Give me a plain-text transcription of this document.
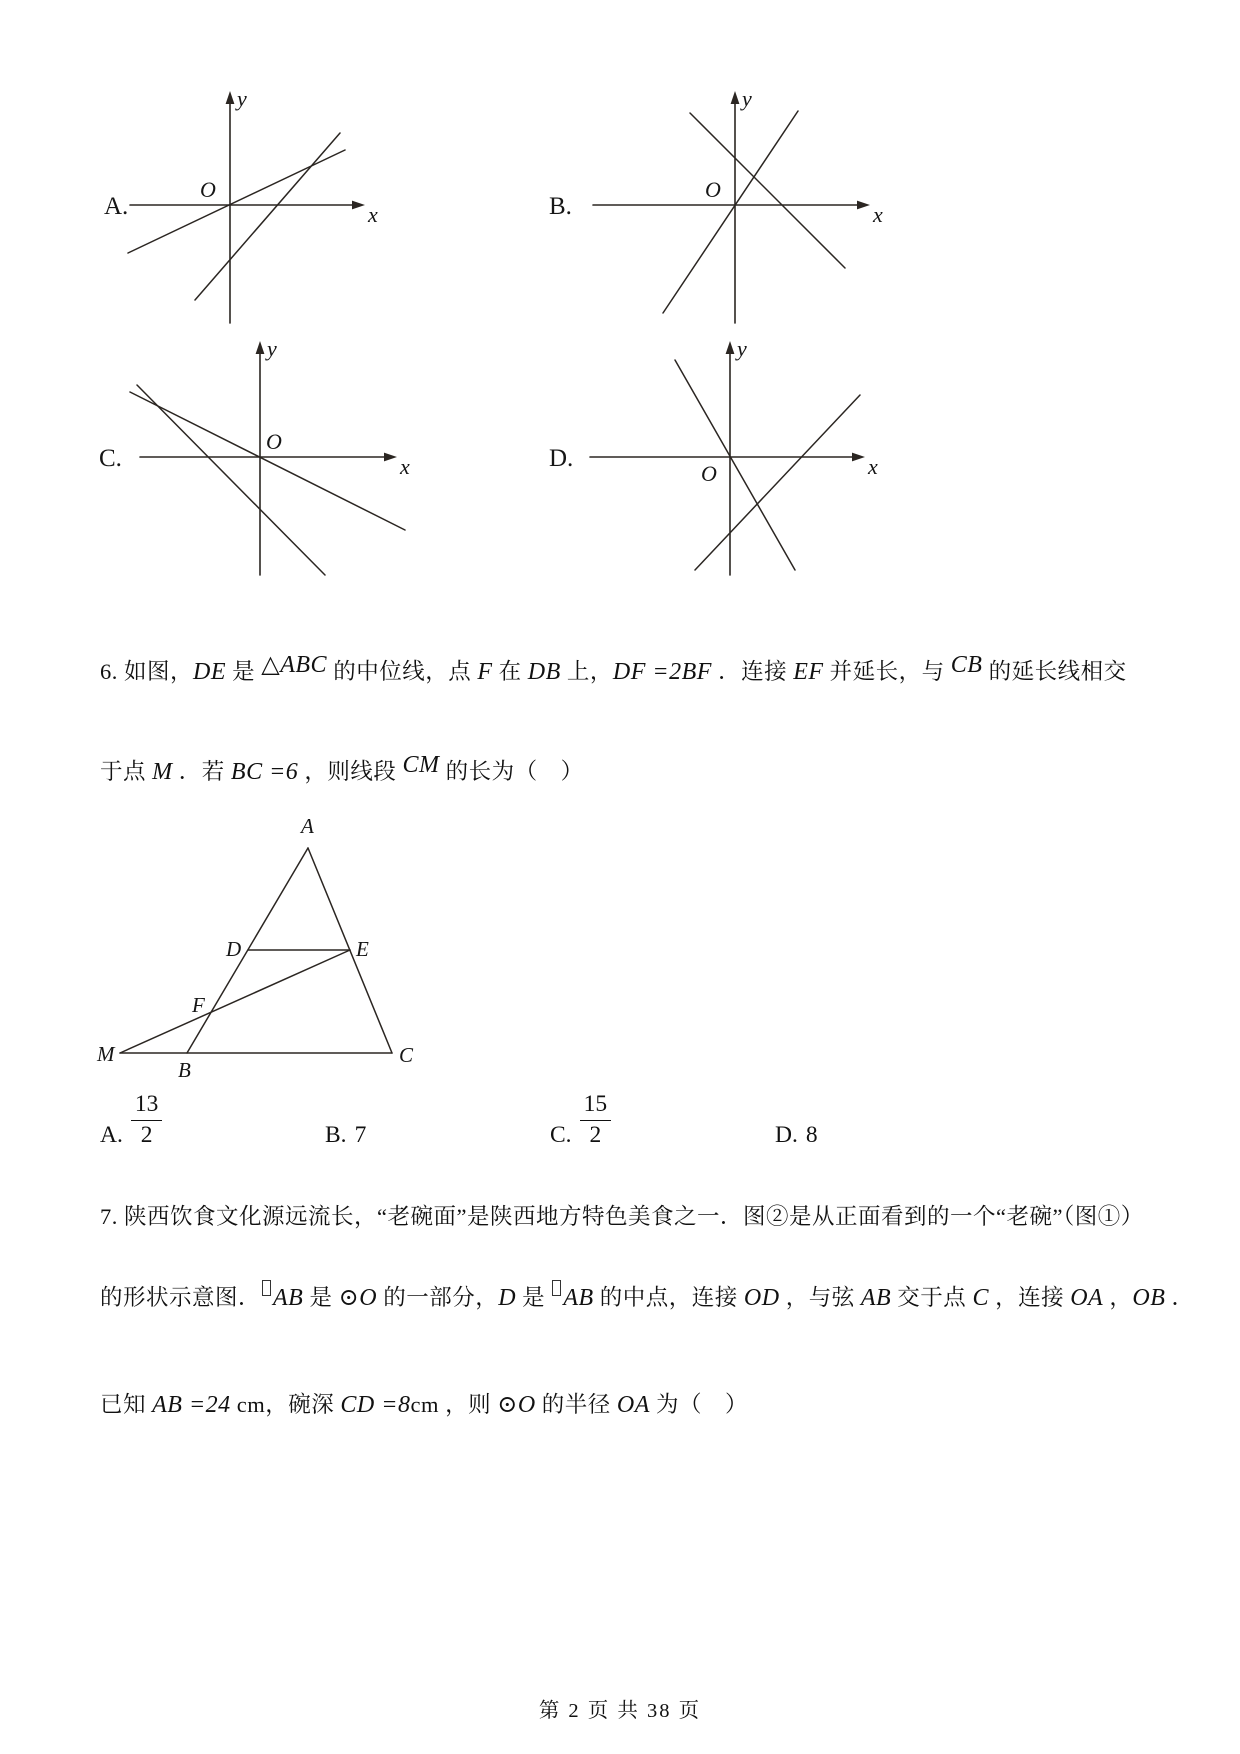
A.	x
y
O
B.	x
y
O
C.	x
y
O
D.	x
y
O
6. 如图，DE 是 △ABC 的中位线，点 F 在 DB 上，DF =2BF ．连接 EF 并延长，与 CB 的延长线相交
于点 M ．若 BC =6 ，则线段 CM 的长为（　）
A
D	E
F
M
B
C
A. $\frac{13}{2}$	B. 7	C. $\frac{15}{2}$	D. 8
7. 陕西饮食文化源远流长，“老碗面”是陕西地方特色美食之一．图②是从正面看到的一个“老碗”（图①）
的形状示意图． AB 是 ⊙O 的一部分，D 是 AB 的中点，连接 OD ，与弦 AB 交于点 C ，连接 OA ，OB ．
已知 AB =24 cm，碗深 CD =8cm ，则 ⊙O 的半径 OA 为（　）
第 2 页 共 38 页
